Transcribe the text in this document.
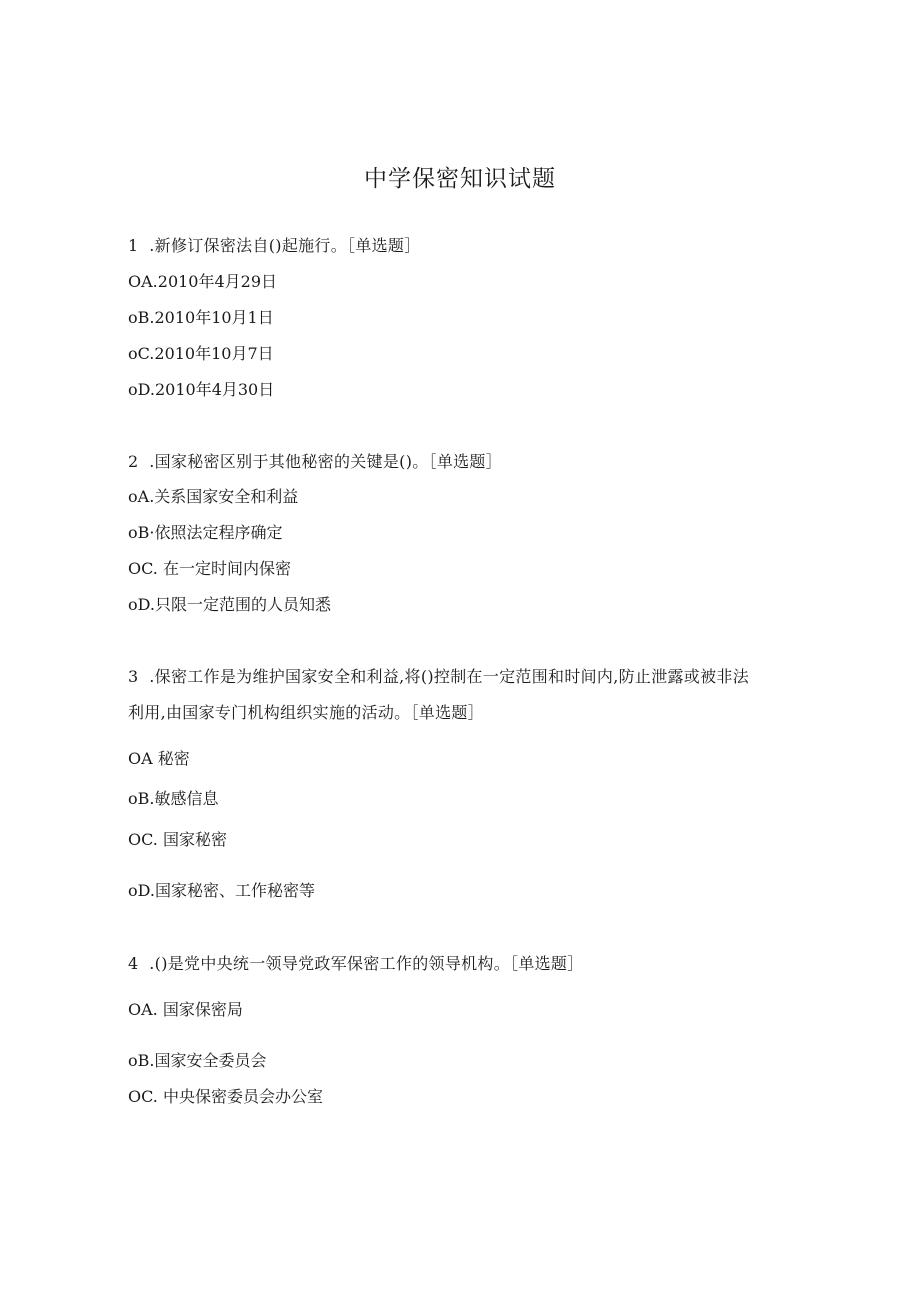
中学保密知识试题
1 .新修订保密法自()起施行。［单选题］
OA.2010年4月29日
oB.2010年10月1日
oC.2010年10月7日
oD.2010年4月30日
2 .国家秘密区别于其他秘密的关键是()。［单选题］
oA.关系国家安全和利益
oB·依照法定程序确定
OC. 在一定时间内保密
oD.只限一定范围的人员知悉
3 .保密工作是为维护国家安全和利益,将()控制在一定范围和时间内,防止泄露或被非法
利用,由国家专门机构组织实施的活动。［单选题］
OA 秘密
oB.敏感信息
OC. 国家秘密
oD.国家秘密、工作秘密等
4 .()是党中央统一领导党政军保密工作的领导机构。［单选题］
OA. 国家保密局
oB.国家安全委员会
OC. 中央保密委员会办公室
